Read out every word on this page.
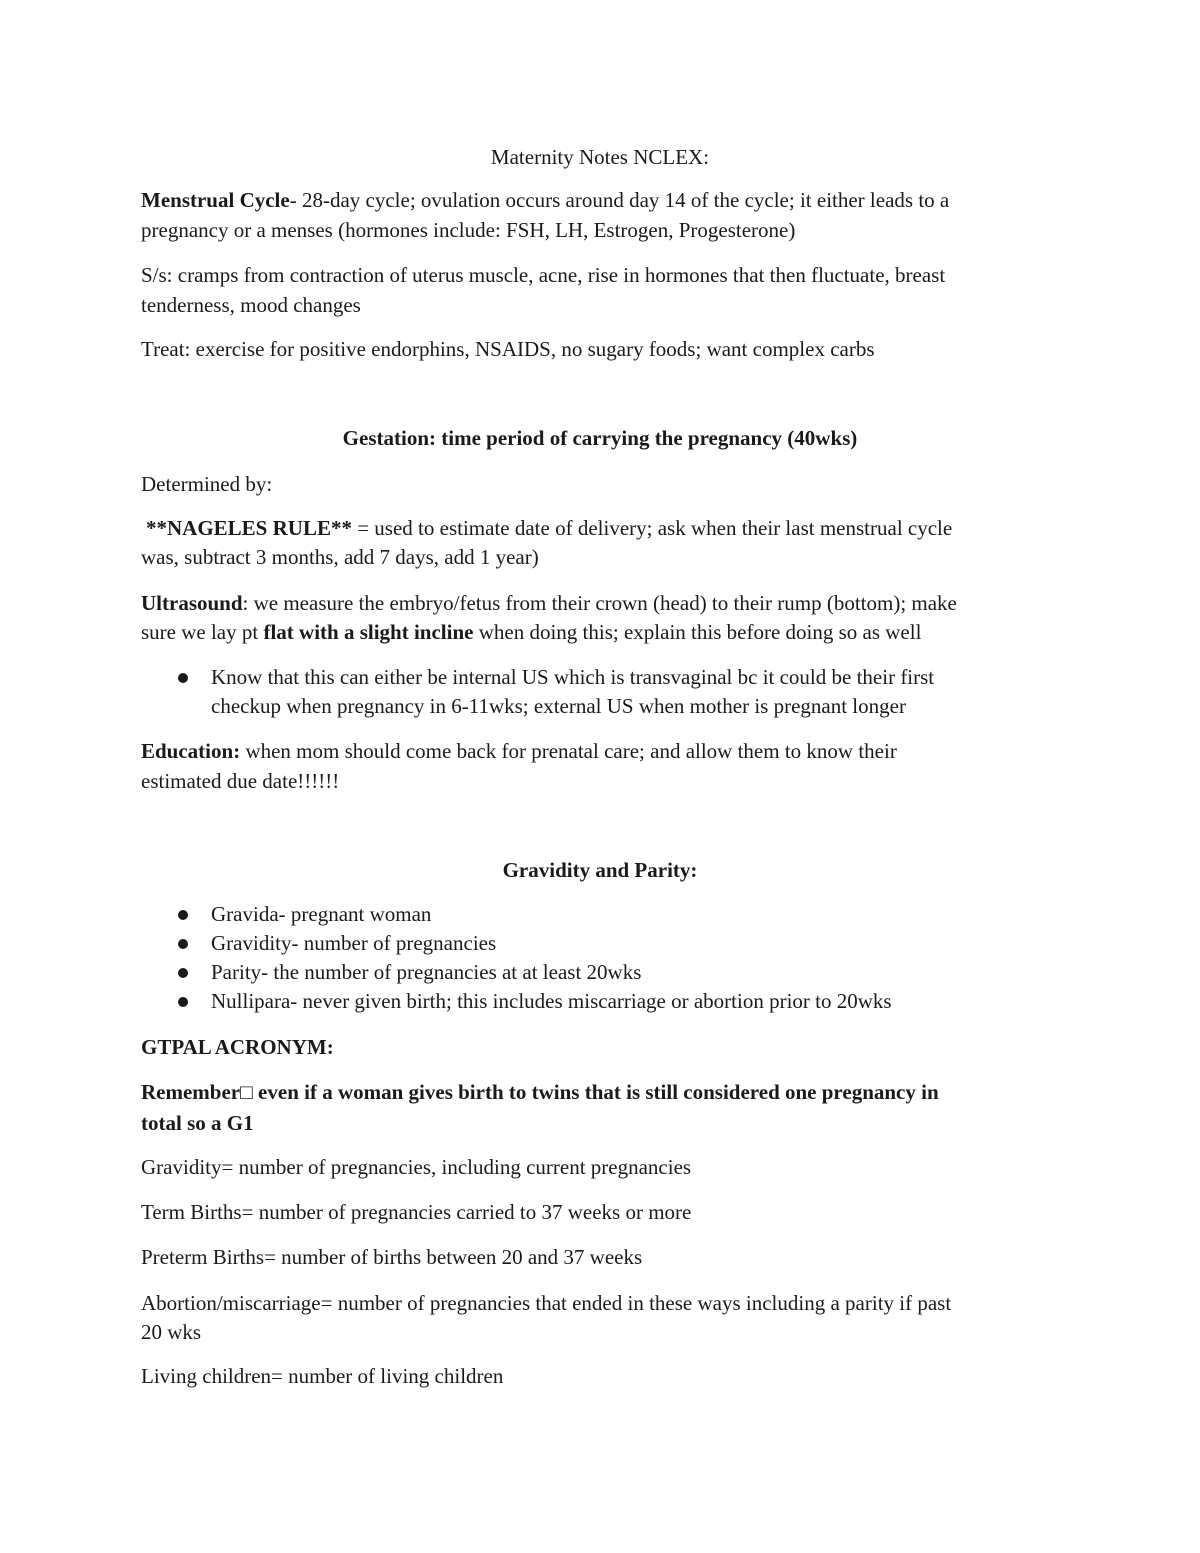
Maternity Notes NCLEX:
Menstrual Cycle- 28-day cycle; ovulation occurs around day 14 of the cycle; it either leads to a
pregnancy or a menses (hormones include: FSH, LH, Estrogen, Progesterone)
S/s: cramps from contraction of uterus muscle, acne, rise in hormones that then fluctuate, breast
tenderness, mood changes
Treat: exercise for positive endorphins, NSAIDS, no sugary foods; want complex carbs
Gestation: time period of carrying the pregnancy (40wks)
Determined by:
**NAGELES RULE** = used to estimate date of delivery; ask when their last menstrual cycle
was, subtract 3 months, add 7 days, add 1 year)
Ultrasound: we measure the embryo/fetus from their crown (head) to their rump (bottom); make
sure we lay pt flat with a slight incline when doing this; explain this before doing so as well
Know that this can either be internal US which is transvaginal bc it could be their first
checkup when pregnancy in 6-11wks; external US when mother is pregnant longer
Education: when mom should come back for prenatal care; and allow them to know their
estimated due date!!!!!!
Gravidity and Parity:
Gravida- pregnant woman
Gravidity- number of pregnancies
Parity- the number of pregnancies at at least 20wks
Nullipara- never given birth; this includes miscarriage or abortion prior to 20wks
GTPAL ACRONYM:
Remember□ even if a woman gives birth to twins that is still considered one pregnancy in
total so a G1
Gravidity= number of pregnancies, including current pregnancies
Term Births= number of pregnancies carried to 37 weeks or more
Preterm Births= number of births between 20 and 37 weeks
Abortion/miscarriage= number of pregnancies that ended in these ways including a parity if past
20 wks
Living children= number of living children
